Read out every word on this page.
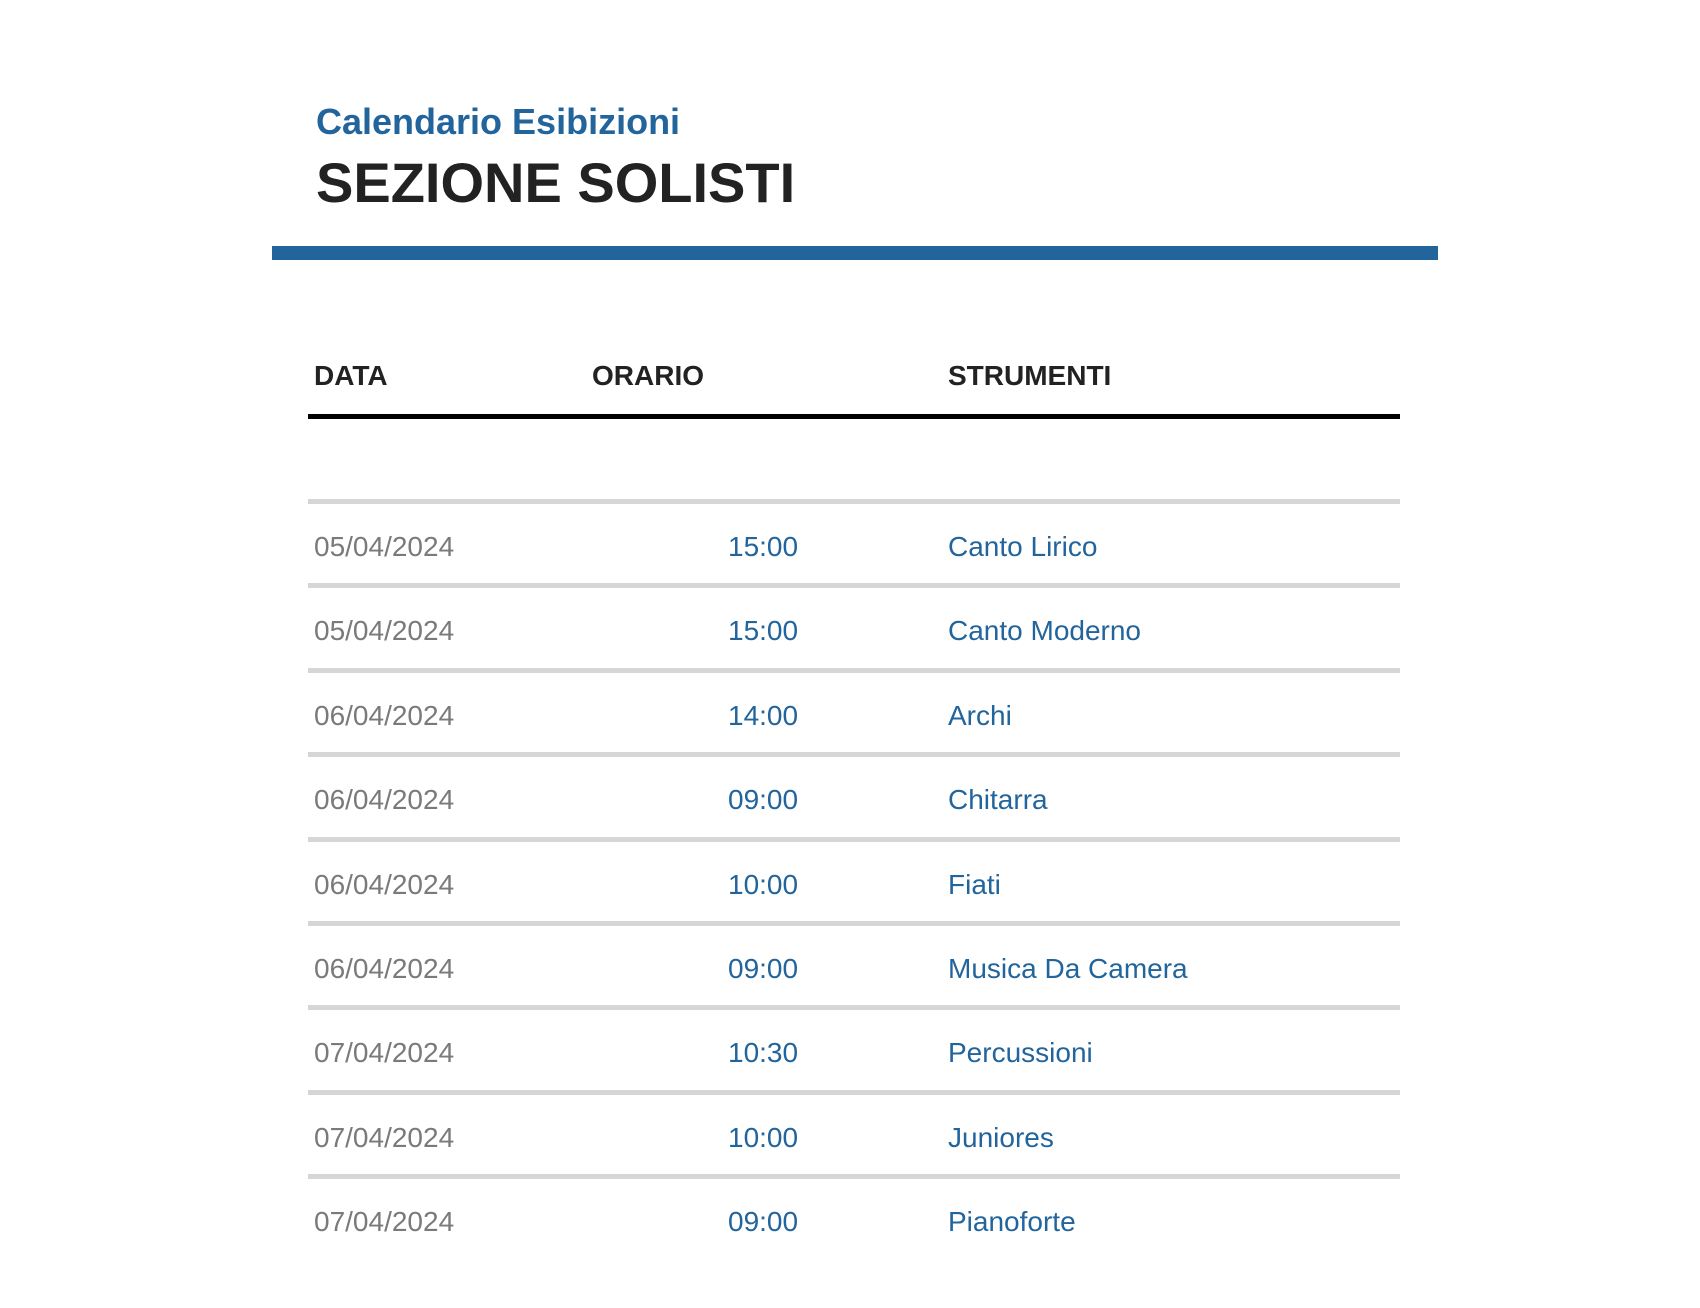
Calendario Esibizioni
SEZIONE SOLISTI
DATA	ORARIO	STRUMENTI
05/04/2024	15:00	Canto Lirico
05/04/2024	15:00	Canto Moderno
06/04/2024	14:00	Archi
06/04/2024	09:00	Chitarra
06/04/2024	10:00	Fiati
06/04/2024	09:00	Musica Da Camera
07/04/2024	10:30	Percussioni
07/04/2024	10:00	Juniores
07/04/2024	09:00	Pianoforte
